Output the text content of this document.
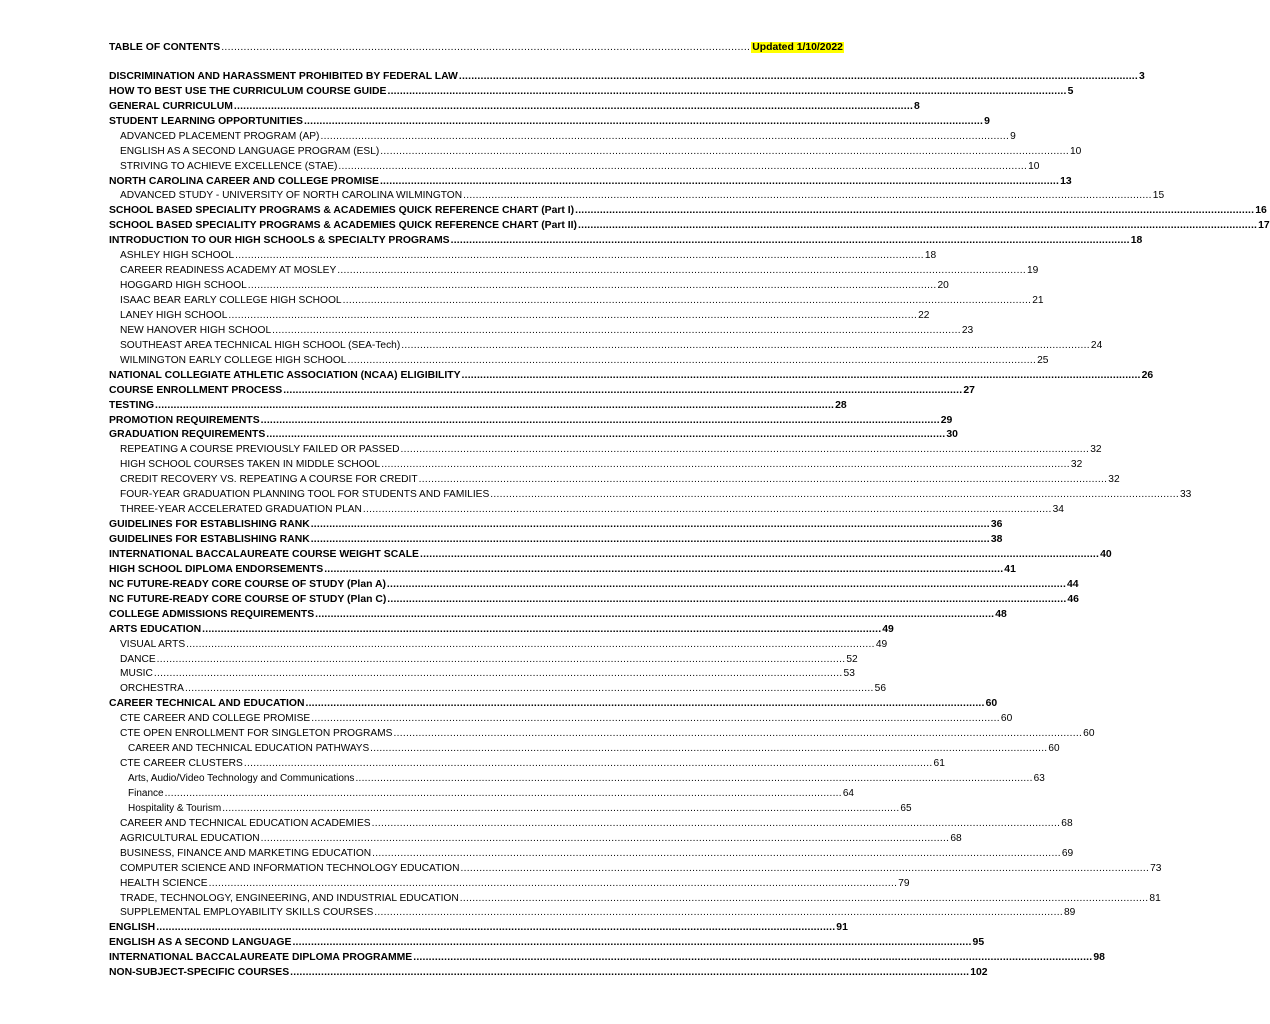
TABLE OF CONTENTS ...................................................................................................................................................................... Updated 1/10/2022
DISCRIMINATION AND HARASSMENT PROHIBITED BY FEDERAL LAW ............................................................................................................................................................................................................................ 3
HOW TO BEST USE THE CURRICULUM COURSE GUIDE ............................................................................................................................................................................................................................ 5
GENERAL CURRICULUM ............................................................................................................................................................................................................................ 8
STUDENT LEARNING OPPORTUNITIES ............................................................................................................................................................................................................................ 9
ADVANCED PLACEMENT PROGRAM (AP) ............................................................................................................................................................................................................................ 9
ENGLISH AS A SECOND LANGUAGE PROGRAM (ESL) ............................................................................................................................................................................................................................ 10
STRIVING TO ACHIEVE EXCELLENCE (STAE) ............................................................................................................................................................................................................................ 10
NORTH CAROLINA CAREER AND COLLEGE PROMISE ............................................................................................................................................................................................................................ 13
ADVANCED STUDY - UNIVERSITY OF NORTH CAROLINA WILMINGTON ............................................................................................................................................................................................................................ 15
SCHOOL BASED SPECIALITY PROGRAMS & ACADEMIES QUICK REFERENCE CHART (Part I) ............................................................................................................................................................................................................................ 16
SCHOOL BASED SPECIALITY PROGRAMS & ACADEMIES QUICK REFERENCE CHART (Part II) ............................................................................................................................................................................................................................ 17
INTRODUCTION TO OUR HIGH SCHOOLS & SPECIALTY PROGRAMS ............................................................................................................................................................................................................................ 18
ASHLEY HIGH SCHOOL ............................................................................................................................................................................................................................ 18
CAREER READINESS ACADEMY AT MOSLEY ............................................................................................................................................................................................................................ 19
HOGGARD HIGH SCHOOL ............................................................................................................................................................................................................................ 20
ISAAC BEAR EARLY COLLEGE HIGH SCHOOL ............................................................................................................................................................................................................................ 21
LANEY HIGH SCHOOL ............................................................................................................................................................................................................................ 22
NEW HANOVER HIGH SCHOOL ............................................................................................................................................................................................................................ 23
SOUTHEAST AREA TECHNICAL HIGH SCHOOL (SEA-Tech) ............................................................................................................................................................................................................................ 24
WILMINGTON EARLY COLLEGE HIGH SCHOOL ............................................................................................................................................................................................................................ 25
NATIONAL COLLEGIATE ATHLETIC ASSOCIATION (NCAA) ELIGIBILITY ............................................................................................................................................................................................................................ 26
COURSE ENROLLMENT PROCESS ............................................................................................................................................................................................................................ 27
TESTING ............................................................................................................................................................................................................................ 28
PROMOTION REQUIREMENTS ............................................................................................................................................................................................................................ 29
GRADUATION REQUIREMENTS ............................................................................................................................................................................................................................ 30
REPEATING A COURSE PREVIOUSLY FAILED OR PASSED ............................................................................................................................................................................................................................ 32
HIGH SCHOOL COURSES TAKEN IN MIDDLE SCHOOL ............................................................................................................................................................................................................................ 32
CREDIT RECOVERY VS. REPEATING A COURSE FOR CREDIT ............................................................................................................................................................................................................................ 32
FOUR-YEAR GRADUATION PLANNING TOOL FOR STUDENTS AND FAMILIES ............................................................................................................................................................................................................................ 33
THREE-YEAR ACCELERATED GRADUATION PLAN ............................................................................................................................................................................................................................ 34
GUIDELINES FOR ESTABLISHING RANK ............................................................................................................................................................................................................................ 36
GUIDELINES FOR ESTABLISHING RANK ............................................................................................................................................................................................................................ 38
INTERNATIONAL BACCALAUREATE COURSE WEIGHT SCALE ............................................................................................................................................................................................................................ 40
HIGH SCHOOL DIPLOMA ENDORSEMENTS ............................................................................................................................................................................................................................ 41
NC FUTURE-READY CORE COURSE OF STUDY (Plan A) ............................................................................................................................................................................................................................ 44
NC FUTURE-READY CORE COURSE OF STUDY (Plan C) ............................................................................................................................................................................................................................ 46
COLLEGE ADMISSIONS REQUIREMENTS ............................................................................................................................................................................................................................ 48
ARTS EDUCATION ............................................................................................................................................................................................................................ 49
VISUAL ARTS ............................................................................................................................................................................................................................ 49
DANCE ............................................................................................................................................................................................................................ 52
MUSIC ............................................................................................................................................................................................................................ 53
ORCHESTRA ............................................................................................................................................................................................................................ 56
CAREER TECHNICAL AND EDUCATION ............................................................................................................................................................................................................................ 60
CTE CAREER AND COLLEGE PROMISE ............................................................................................................................................................................................................................ 60
CTE OPEN ENROLLMENT FOR SINGLETON PROGRAMS ............................................................................................................................................................................................................................ 60
CAREER AND TECHNICAL EDUCATION PATHWAYS ............................................................................................................................................................................................................................ 60
CTE CAREER CLUSTERS ............................................................................................................................................................................................................................ 61
Arts, Audio/Video Technology and Communications ............................................................................................................................................................................................................................ 63
Finance ............................................................................................................................................................................................................................ 64
Hospitality & Tourism ............................................................................................................................................................................................................................ 65
CAREER AND TECHNICAL EDUCATION ACADEMIES ............................................................................................................................................................................................................................ 68
AGRICULTURAL EDUCATION ............................................................................................................................................................................................................................ 68
BUSINESS, FINANCE AND MARKETING EDUCATION ............................................................................................................................................................................................................................ 69
COMPUTER SCIENCE AND INFORMATION TECHNOLOGY EDUCATION ............................................................................................................................................................................................................................ 73
HEALTH SCIENCE ............................................................................................................................................................................................................................ 79
TRADE, TECHNOLOGY, ENGINEERING, AND INDUSTRIAL EDUCATION ............................................................................................................................................................................................................................ 81
SUPPLEMENTAL EMPLOYABILITY SKILLS COURSES ............................................................................................................................................................................................................................ 89
ENGLISH ............................................................................................................................................................................................................................ 91
ENGLISH AS A SECOND LANGUAGE ............................................................................................................................................................................................................................ 95
INTERNATIONAL BACCALAUREATE DIPLOMA PROGRAMME ............................................................................................................................................................................................................................ 98
NON-SUBJECT-SPECIFIC COURSES ............................................................................................................................................................................................................................ 102
